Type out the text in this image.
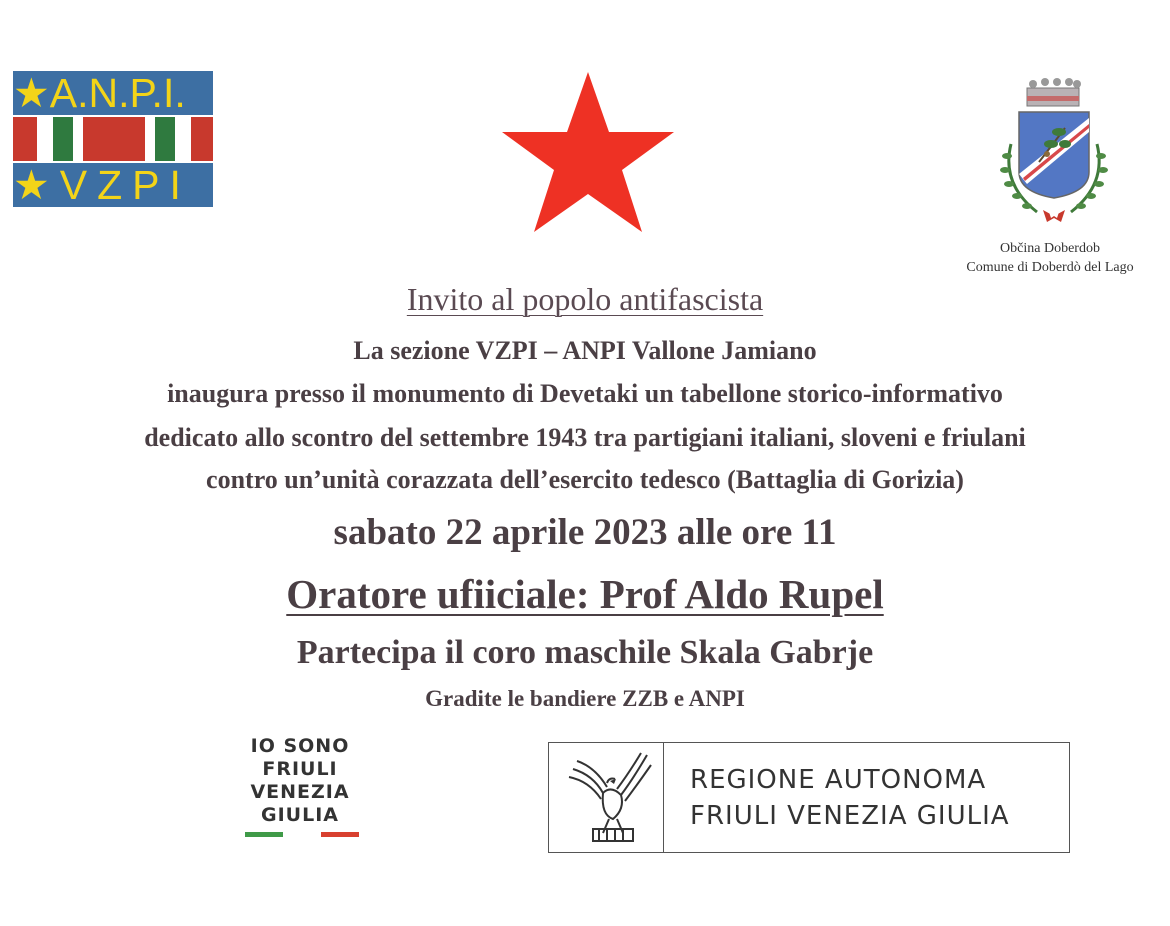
★A.N.P.I.
★VZPI
Občina Doberdob
Comune di Doberdò del Lago
Invito al popolo antifascista
La sezione VZPI – ANPI Vallone Jamiano
inaugura presso il monumento di Devetaki un tabellone storico-informativo
dedicato allo scontro del settembre 1943 tra partigiani italiani, sloveni e friulani
contro un’unità corazzata dell’esercito tedesco (Battaglia di Gorizia)
sabato 22 aprile 2023 alle ore 11
Oratore ufiiciale: Prof Aldo Rupel
Partecipa il coro maschile Skala Gabrje
Gradite le bandiere ZZB e ANPI
IO SONO
FRIULI
VENEZIA
GIULIA
REGIONE AUTONOMA
FRIULI VENEZIA GIULIA
